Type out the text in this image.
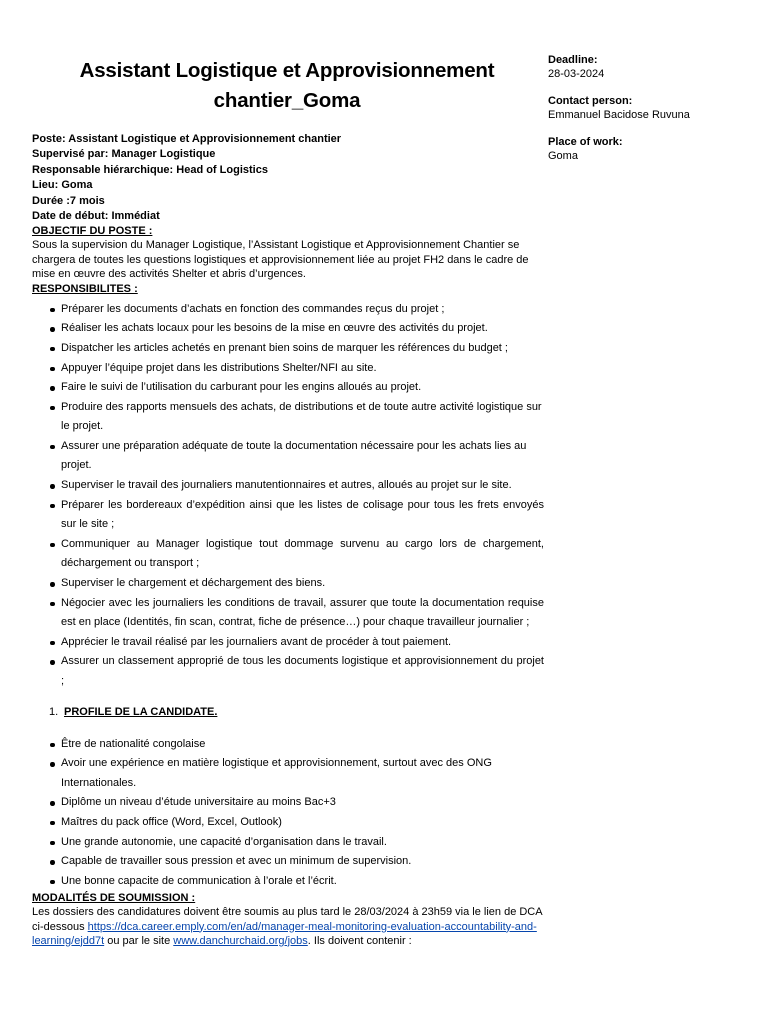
Assistant Logistique et Approvisionnement
chantier_Goma
Deadline:
28-03-2024
Contact person:
Emmanuel Bacidose Ruvuna
Place of work:
Goma
Poste: Assistant Logistique et Approvisionnement chantier
Supervisé par: Manager Logistique
Responsable hiérarchique: Head of Logistics
Lieu: Goma
Durée :7 mois
Date de début: Immédiat
OBJECTIF DU POSTE :

Sous la supervision du Manager Logistique, l’Assistant Logistique et Approvisionnement Chantier se chargera de toutes les questions logistiques et approvisionnement liée au projet FH2 dans le cadre de mise en œuvre des activités Shelter et abris d’urgences.

RESPONSIBILITES :
Préparer les documents d’achats en fonction des commandes reçus du projet ;
Réaliser les achats locaux pour les besoins de la mise en œuvre des activités du projet.
Dispatcher les articles achetés en prenant bien soins de marquer les références du budget ;
Appuyer l’équipe projet dans les distributions Shelter/NFI au site.
Faire le suivi de l’utilisation du carburant pour les engins alloués au projet.
Produire des rapports mensuels des achats, de distributions et de toute autre activité logistique sur le projet.
Assurer une préparation adéquate de toute la documentation nécessaire pour les achats lies au projet.
Superviser le travail des journaliers manutentionnaires et autres, alloués au projet sur le site.
Préparer les bordereaux d’expédition ainsi que les listes de colisage pour tous les frets envoyés sur le site ;
Communiquer au Manager logistique tout dommage survenu au cargo lors de chargement, déchargement ou transport ;
Superviser le chargement et déchargement des biens.
Négocier avec les journaliers les conditions de travail, assurer que toute la documentation requise est en place (Identités, fin scan, contrat, fiche de présence…) pour chaque travailleur journalier ;
Apprécier le travail réalisé par les journaliers avant de procéder à tout paiement.
Assurer un classement approprié de tous les documents logistique et approvisionnement du projet ;
1. PROFILE DE LA CANDIDATE.
Être de nationalité congolaise
Avoir une expérience en matière logistique et approvisionnement, surtout avec des ONG Internationales.
Diplôme un niveau d’étude universitaire au moins Bac+3
Maîtres du pack office (Word, Excel, Outlook)
Une grande autonomie, une capacité d’organisation dans le travail.
Capable de travailler sous pression et avec un minimum de supervision.
Une bonne capacite de communication à l’orale et l’écrit.
MODALITÉS DE SOUMISSION :

Les dossiers des candidatures doivent être soumis au plus tard le 28/03/2024 à 23h59 via le lien de DCA ci-dessous https://dca.career.emply.com/en/ad/manager-meal-monitoring-evaluation-accountability-and-learning/ejdd7t ou par le site www.danchurchaid.org/jobs. Ils doivent contenir :
